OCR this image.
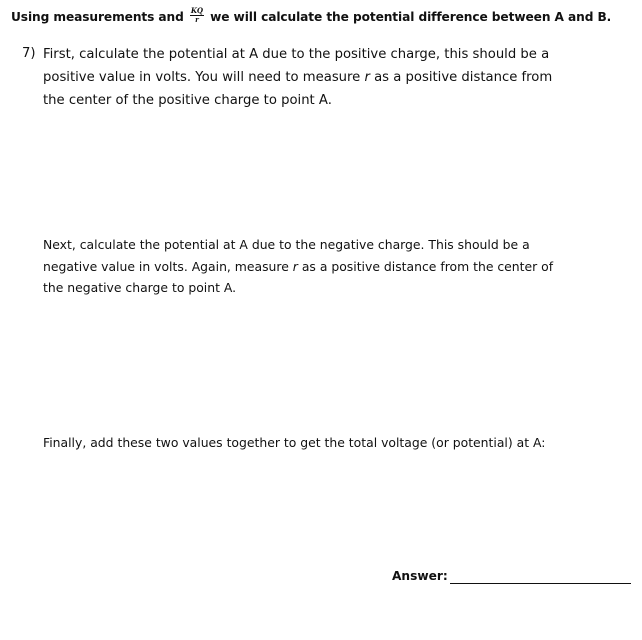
Using measurements and $\frac{KQ}{r}$ we will calculate the potential difference between A and B.
7) First, calculate the potential at A due to the positive charge, this should be a
positive value in volts. You will need to measure r as a positive distance from
the center of the positive charge to point A.
Next, calculate the potential at A due to the negative charge. This should be a
negative value in volts. Again, measure r as a positive distance from the center of
the negative charge to point A.
Finally, add these two values together to get the total voltage (or potential) at A:
Answer:
